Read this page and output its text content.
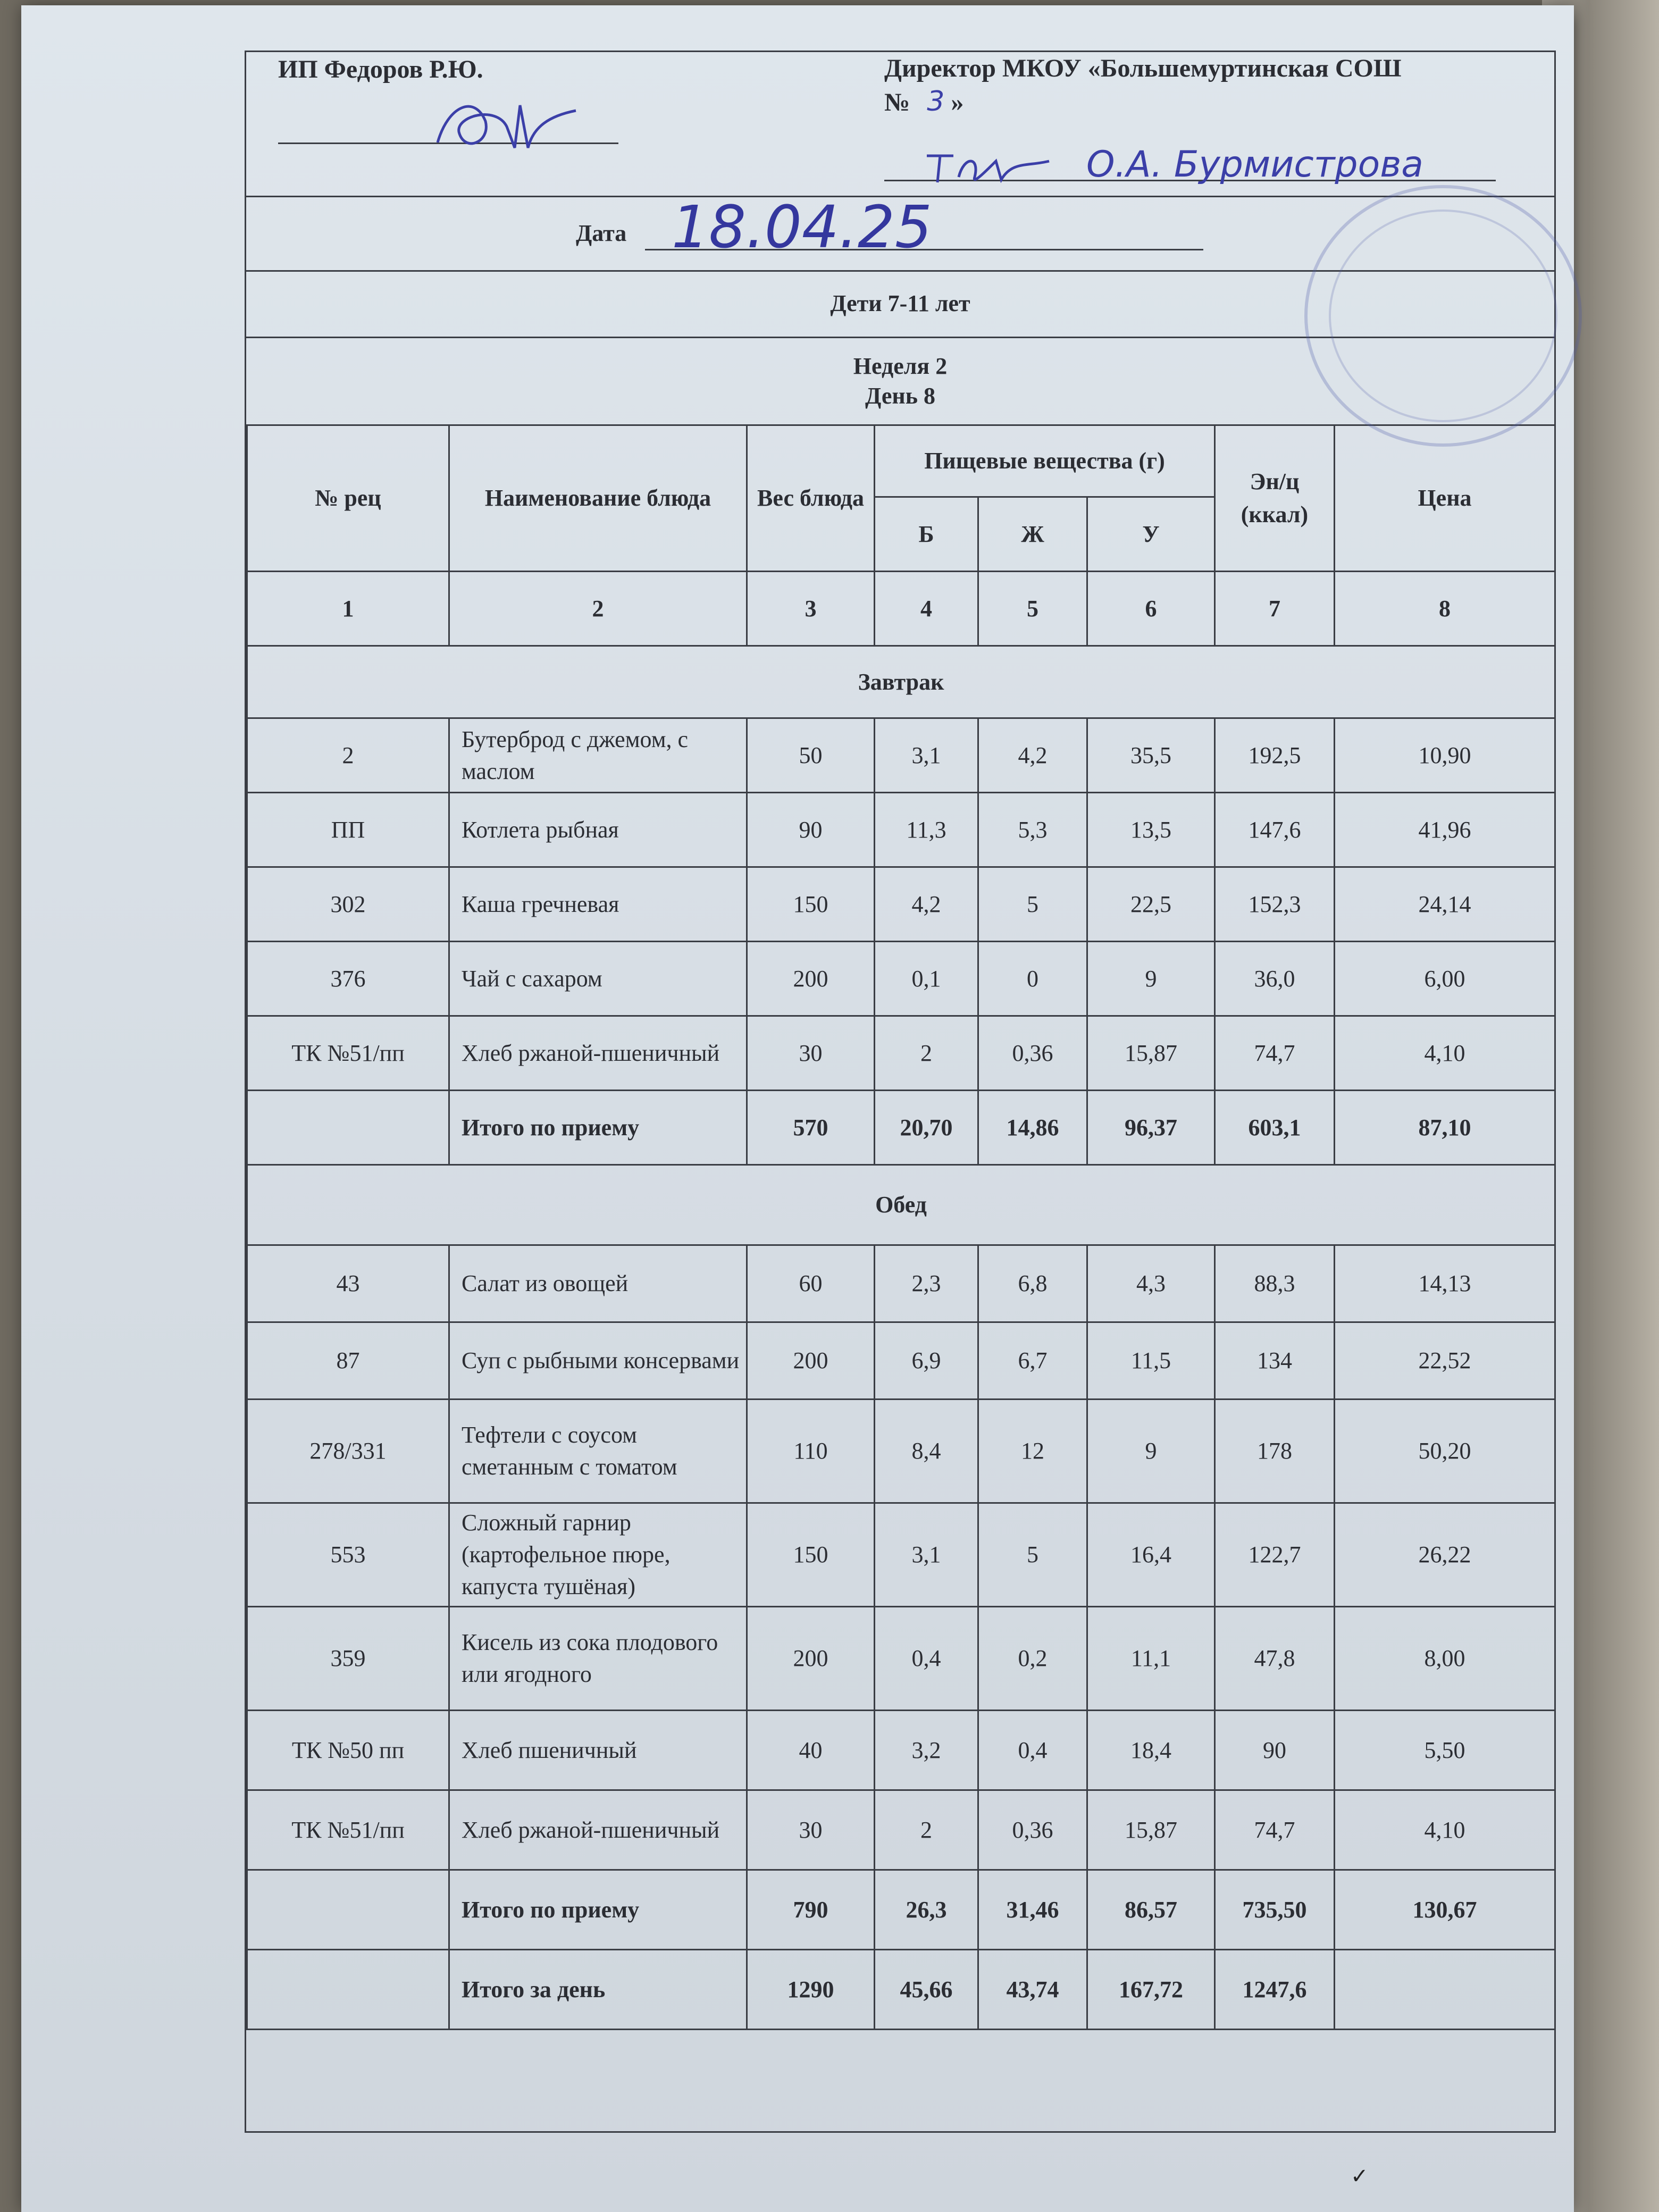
ИП Федоров Р.Ю.	Директор МКОУ «Большемуртинская СОШ
№ 3 »
О.А. Бурмистрова
Дата 18.04.25
Дети 7-11 лет
Неделя 2
День 8
№ рец	Наименование блюда	Вес блюда	Пищевые вещества (г)			Эн/ц (ккал)	Цена
			Б	Ж	У		
1	2	3	4	5	6	7	8
Завтрак							
2	Бутерброд с джемом, с маслом	50	3,1	4,2	35,5	192,5	10,90
ПП	Котлета рыбная	90	11,3	5,3	13,5	147,6	41,96
302	Каша гречневая	150	4,2	5	22,5	152,3	24,14
376	Чай с сахаром	200	0,1	0	9	36,0	6,00
ТК №51/пп	Хлеб ржаной-пшеничный	30	2	0,36	15,87	74,7	4,10
	Итого по приему	570	20,70	14,86	96,37	603,1	87,10
Обед							
43	Салат из овощей	60	2,3	6,8	4,3	88,3	14,13
87	Суп с рыбными консервами	200	6,9	6,7	11,5	134	22,52
278/331	Тефтели с соусом сметанным с томатом	110	8,4	12	9	178	50,20
553	Сложный гарнир (картофельное пюре, капуста тушёная)	150	3,1	5	16,4	122,7	26,22
359	Кисель из сока плодового или ягодного	200	0,4	0,2	11,1	47,8	8,00
ТК №50 пп	Хлеб пшеничный	40	3,2	0,4	18,4	90	5,50
ТК №51/пп	Хлеб ржаной-пшеничный	30	2	0,36	15,87	74,7	4,10
	Итого по приему	790	26,3	31,46	86,57	735,50	130,67
	Итого за день	1290	45,66	43,74	167,72	1247,6	
✓
